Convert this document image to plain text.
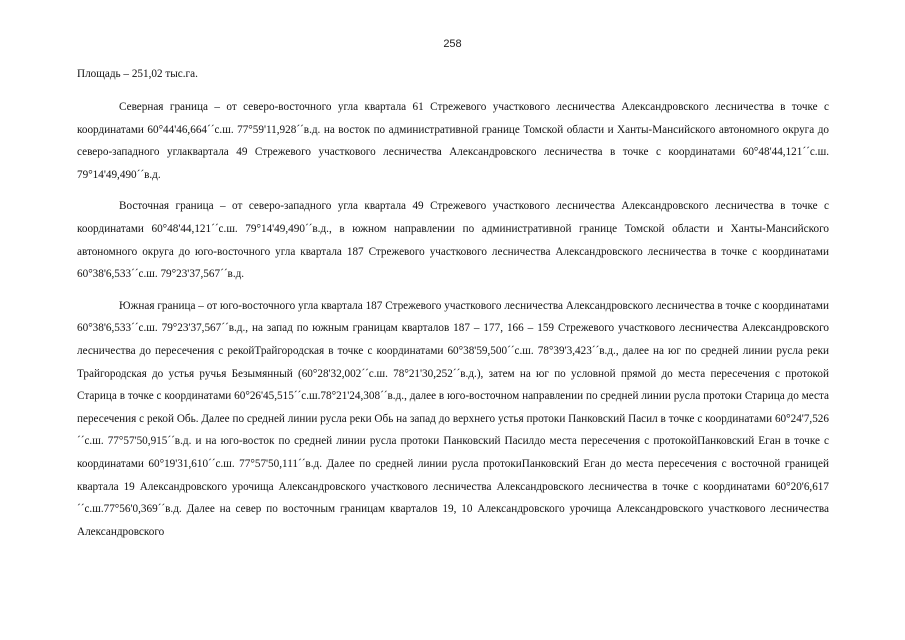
258

Площадь – 251,02 тыс.га.

Северная граница – от северо-восточного угла квартала 61 Стрежевого участкового лесничества Александровского лесничества в точке с координатами 60°44'46,664´´с.ш. 77°59'11,928´´в.д. на восток по административной границе Томской области и Ханты-Мансийского автономного округа до северо-западного углаквартала 49 Стрежевого участкового лесничества Александровского лесничества в точке с координатами 60°48'44,121´´с.ш. 79°14'49,490´´в.д.

Восточная граница – от северо-западного угла квартала 49 Стрежевого участкового лесничества Александровского лесничества в точке с координатами 60°48'44,121´´с.ш. 79°14'49,490´´в.д., в южном направлении по административной границе Томской области и Ханты-Мансийского автономного округа до юго-восточного угла квартала 187 Стрежевого участкового лесничества Александровского лесничества в точке с координатами 60°38'6,533´´с.ш. 79°23'37,567´´в.д.

Южная граница – от юго-восточного угла квартала 187 Стрежевого участкового лесничества Александровского лесничества в точке с координатами 60°38'6,533´´с.ш. 79°23'37,567´´в.д., на запад по южным границам кварталов 187 – 177, 166 – 159 Стрежевого участкового лесничества Александровского лесничества до пересечения с рекойТрайгородская в точке с координатами 60°38'59,500´´с.ш. 78°39'3,423´´в.д., далее на юг по средней линии русла реки Трайгородская до устья ручья Безымянный (60°28'32,002´´с.ш. 78°21'30,252´´в.д.), затем на юг по условной прямой до места пересечения с протокой Старица в точке с координатами 60°26'45,515´´с.ш.78°21'24,308´´в.д., далее в юго-восточном направлении по средней линии русла протоки Старица до места пересечения с рекой Обь. Далее по средней линии русла реки Обь на запад до верхнего устья протоки Панковский Пасил в точке с координатами 60°24'7,526´´с.ш. 77°57'50,915´´в.д. и на юго-восток по средней линии русла протоки Панковский Пасилдо места пересечения с протокойПанковский Еган в точке с координатами 60°19'31,610´´с.ш. 77°57'50,111´´в.д. Далее по средней линии русла протокиПанковский Еган до места пересечения с восточной границей квартала 19 Александровского урочища Александровского участкового лесничества Александровского лесничества в точке с координатами 60°20'6,617´´с.ш.77°56'0,369´´в.д. Далее на север по восточным границам кварталов 19, 10 Александровского урочища Александровского участкового лесничества Александровского
